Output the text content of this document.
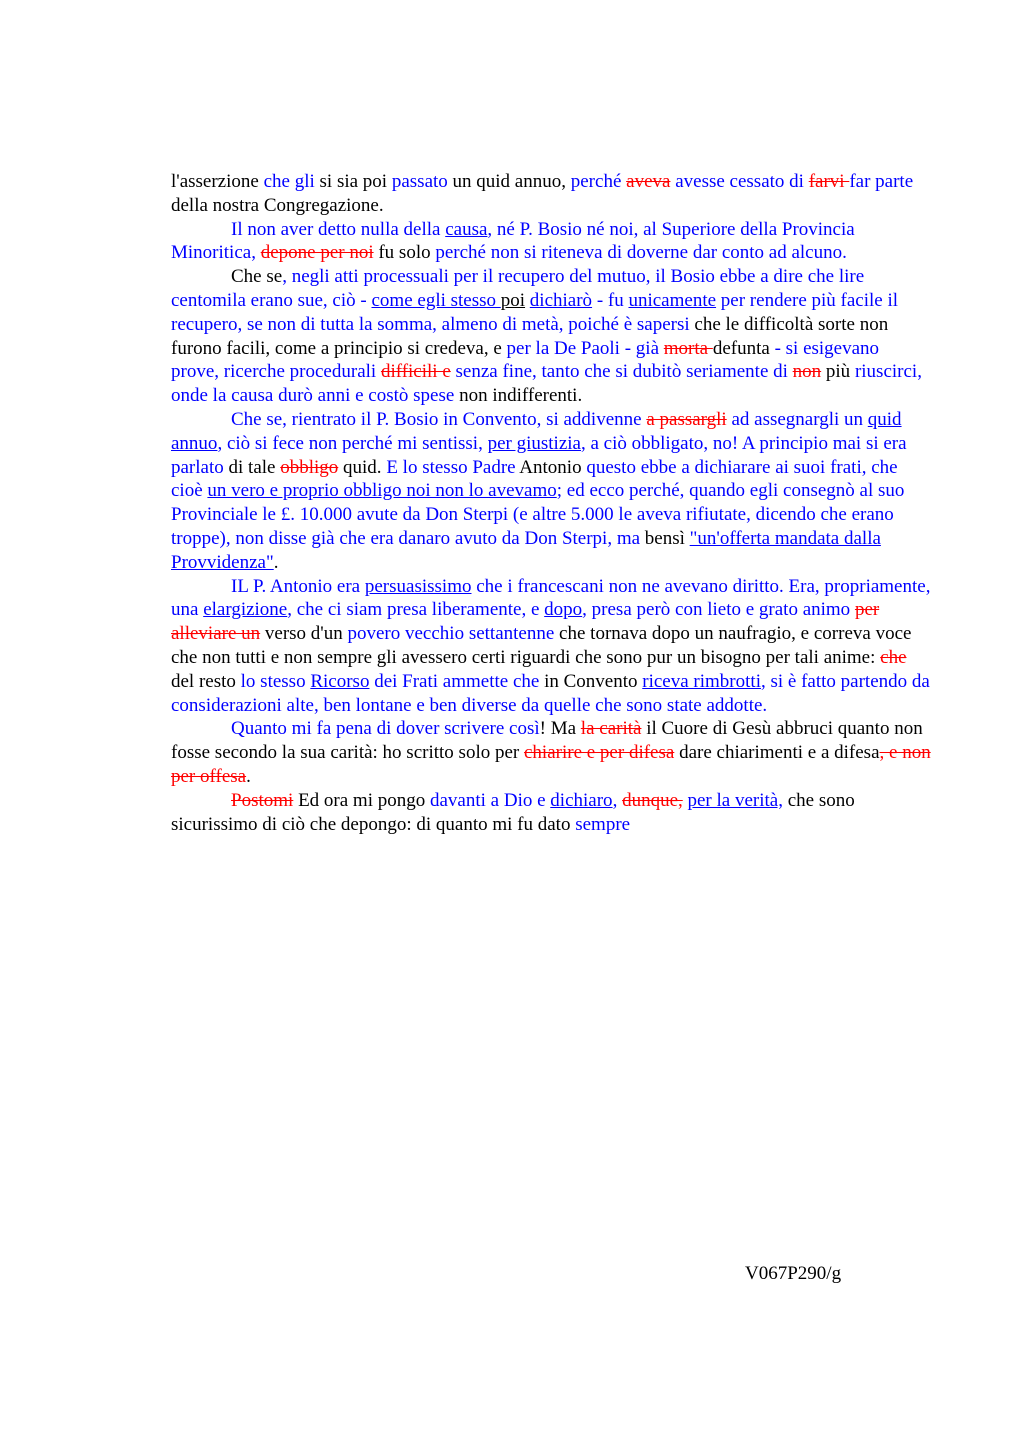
l'asserzione che gli si sia poi passato un quid annuo, perché aveva avesse cessato di farvi far parte della nostra Congregazione.

Il non aver detto nulla della causa, né P. Bosio né noi, al Superiore della Provincia Minoritica, depone per noi fu solo perché non si riteneva di doverne dar conto ad alcuno.

Che se, negli atti processuali per il recupero del mutuo, il Bosio ebbe a dire che lire centomila erano sue, ciò - come egli stesso poi dichiarò - fu unicamente per rendere più facile il recupero, se non di tutta la somma, almeno di metà, poiché è sapersi che le difficoltà sorte non furono facili, come a principio si credeva, e per la De Paoli - già morta defunta - si esigevano prove, ricerche procedurali difficili e senza fine, tanto che si dubitò seriamente di non più riuscirci, onde la causa durò anni e costò spese non indifferenti.

Che se, rientrato il P. Bosio in Convento, si addivenne a passargli ad assegnargli un quid annuo, ciò si fece non perché mi sentissi, per giustizia, a ciò obbligato, no! A principio mai si era parlato di tale obbligo quid. E lo stesso Padre Antonio questo ebbe a dichiarare ai suoi frati, che cioè un vero e proprio obbligo noi non lo avevamo; ed ecco perché, quando egli consegnò al suo Provinciale le £. 10.000 avute da Don Sterpi (e altre 5.000 le aveva rifiutate, dicendo che erano troppe), non disse già che era danaro avuto da Don Sterpi, ma bensì "un'offerta mandata dalla Provvidenza".

IL P. Antonio era persuasissimo che i francescani non ne avevano diritto. Era, propriamente, una elargizione, che ci siam presa liberamente, e dopo, presa però con lieto e grato animo per alleviare un verso d'un povero vecchio settantenne che tornava dopo un naufragio, e correva voce che non tutti e non sempre gli avessero certi riguardi che sono pur un bisogno per tali anime: che del resto lo stesso Ricorso dei Frati ammette che in Convento riceva rimbrotti, si è fatto partendo da considerazioni alte, ben lontane e ben diverse da quelle che sono state addotte.

Quanto mi fa pena di dover scrivere così! Ma la carità il Cuore di Gesù abbruci quanto non fosse secondo la sua carità: ho scritto solo per chiarire e per difesa dare chiarimenti e a difesa, e non per offesa.

Postomi Ed ora mi pongo davanti a Dio e dichiaro, dunque, per la verità, che sono sicurissimo di ciò che depongo: di quanto mi fu dato sempre

V067P290/g
